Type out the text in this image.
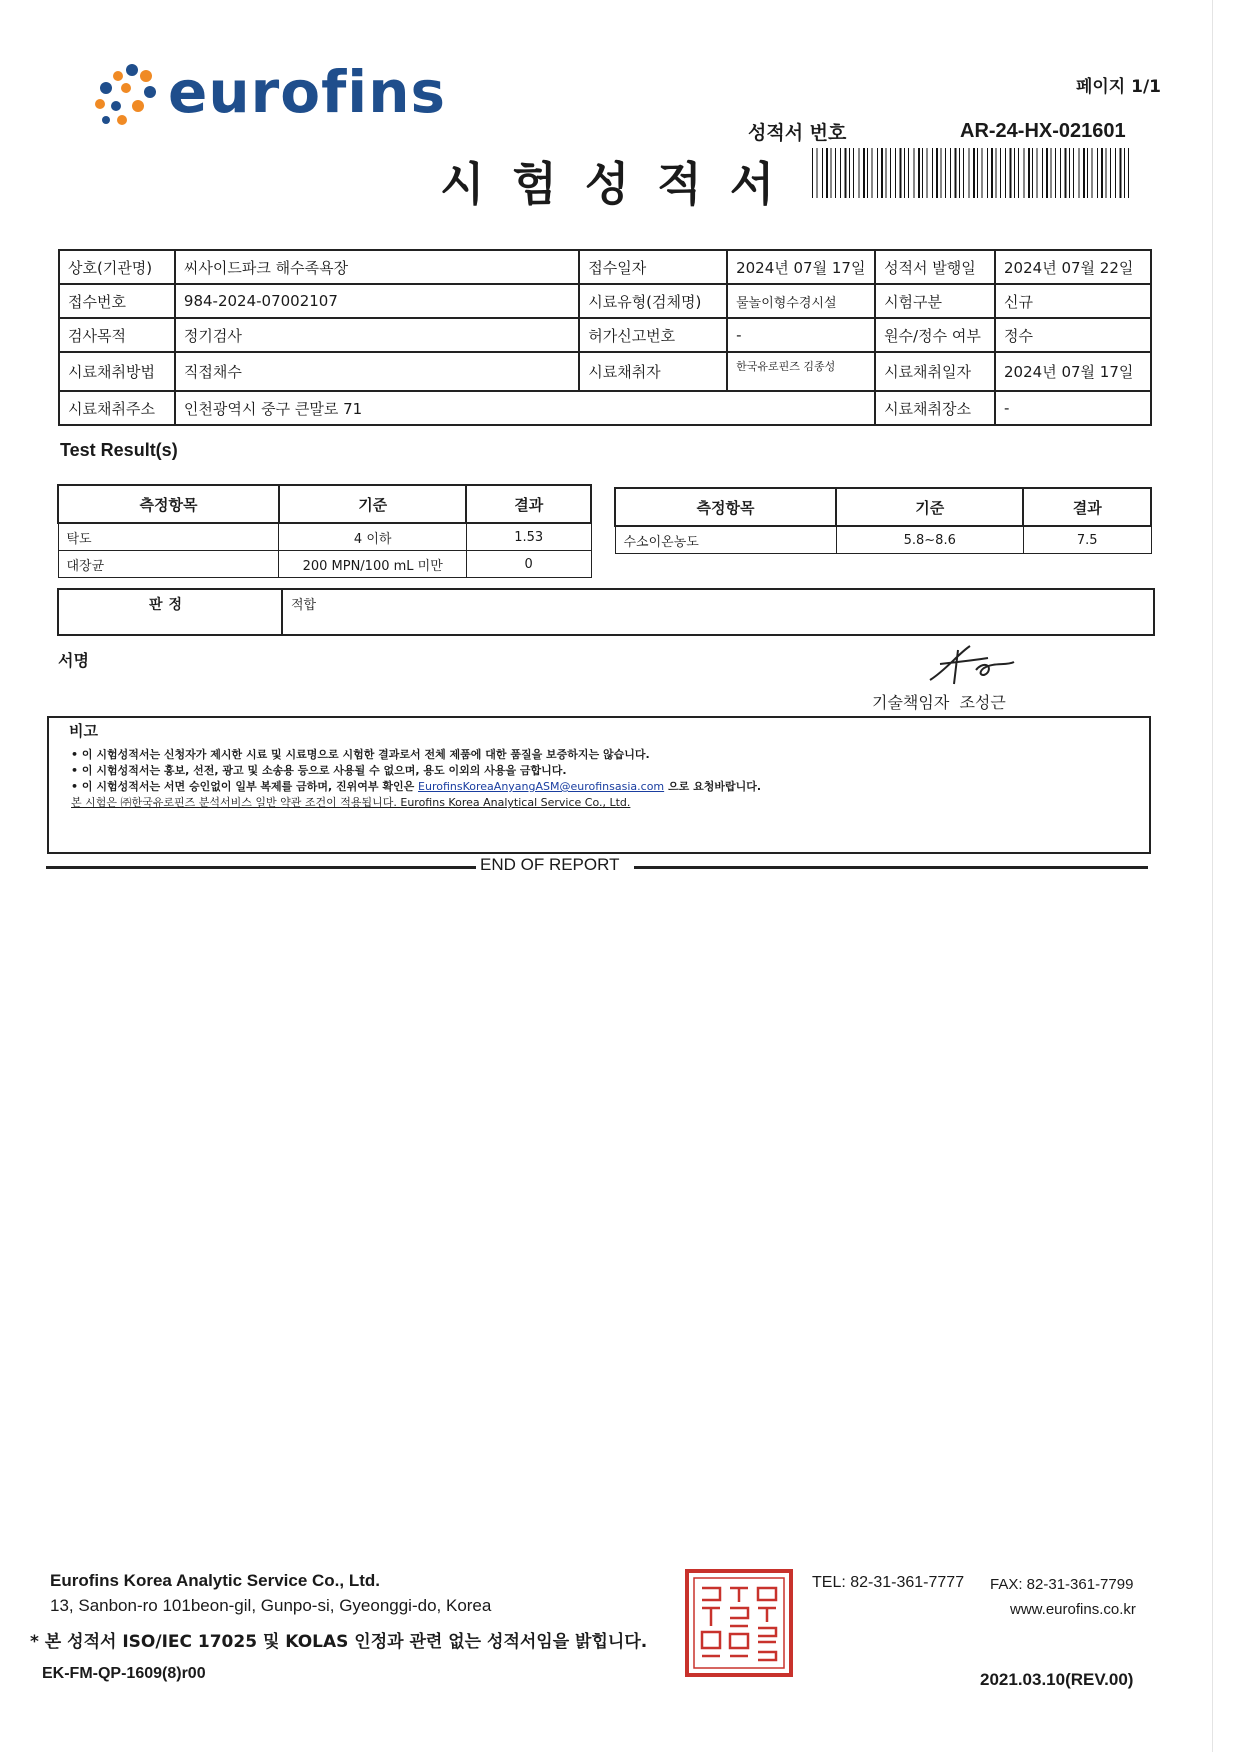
eurofins	페이지 1/1
성적서 번호	AR-24-HX-021601
시험성적서
상호(기관명)	씨사이드파크 해수족욕장	접수일자	2024년 07월 17일	성적서 발행일	2024년 07월 22일
접수번호	984-2024-07002107	시료유형(검체명)	물놀이형수경시설	시험구분	신규
검사목적	정기검사	허가신고번호	-	원수/정수 여부	정수
시료채취방법	직접채수	시료채취자	한국유로핀즈 김종성	시료채취일자	2024년 07월 17일
시료채취주소	인천광역시 중구 큰말로 71			시료채취장소	-
Test Result(s)
측정항목	기준	결과
탁도	4 이하	1.53
대장균	200 MPN/100 mL 미만	0
측정항목	기준	결과
수소이온농도	5.8~8.6	7.5
판정	적합
서명
기술책임자  조성근
비고
• 이 시험성적서는 신청자가 제시한 시료 및 시료명으로 시험한 결과로서 전체 제품에 대한 품질을 보증하지는 않습니다.
• 이 시험성적서는 홍보, 선전, 광고 및 소송용 등으로 사용될 수 없으며, 용도 이외의 사용을 금합니다.
• 이 시험성적서는 서면 승인없이 일부 복제를 금하며, 진위여부 확인은 EurofinsKoreaAnyangASM@eurofinsasia.com 으로 요청바랍니다.
본 시험은 ㈜한국유로핀즈 분석서비스 일반 약관 조건이 적용됩니다. Eurofins Korea Analytical Service Co., Ltd.
END OF REPORT
Eurofins Korea Analytic Service Co., Ltd.
13, Sanbon-ro 101beon-gil, Gunpo-si, Gyeonggi-do, Korea
* 본 성적서 ISO/IEC 17025 및 KOLAS 인정과 관련 없는 성적서임을 밝힙니다.
EK-FM-QP-1609(8)r00
TEL: 82-31-361-7777 FAX: 82-31-361-7799
www.eurofins.co.kr
2021.03.10(REV.00)
